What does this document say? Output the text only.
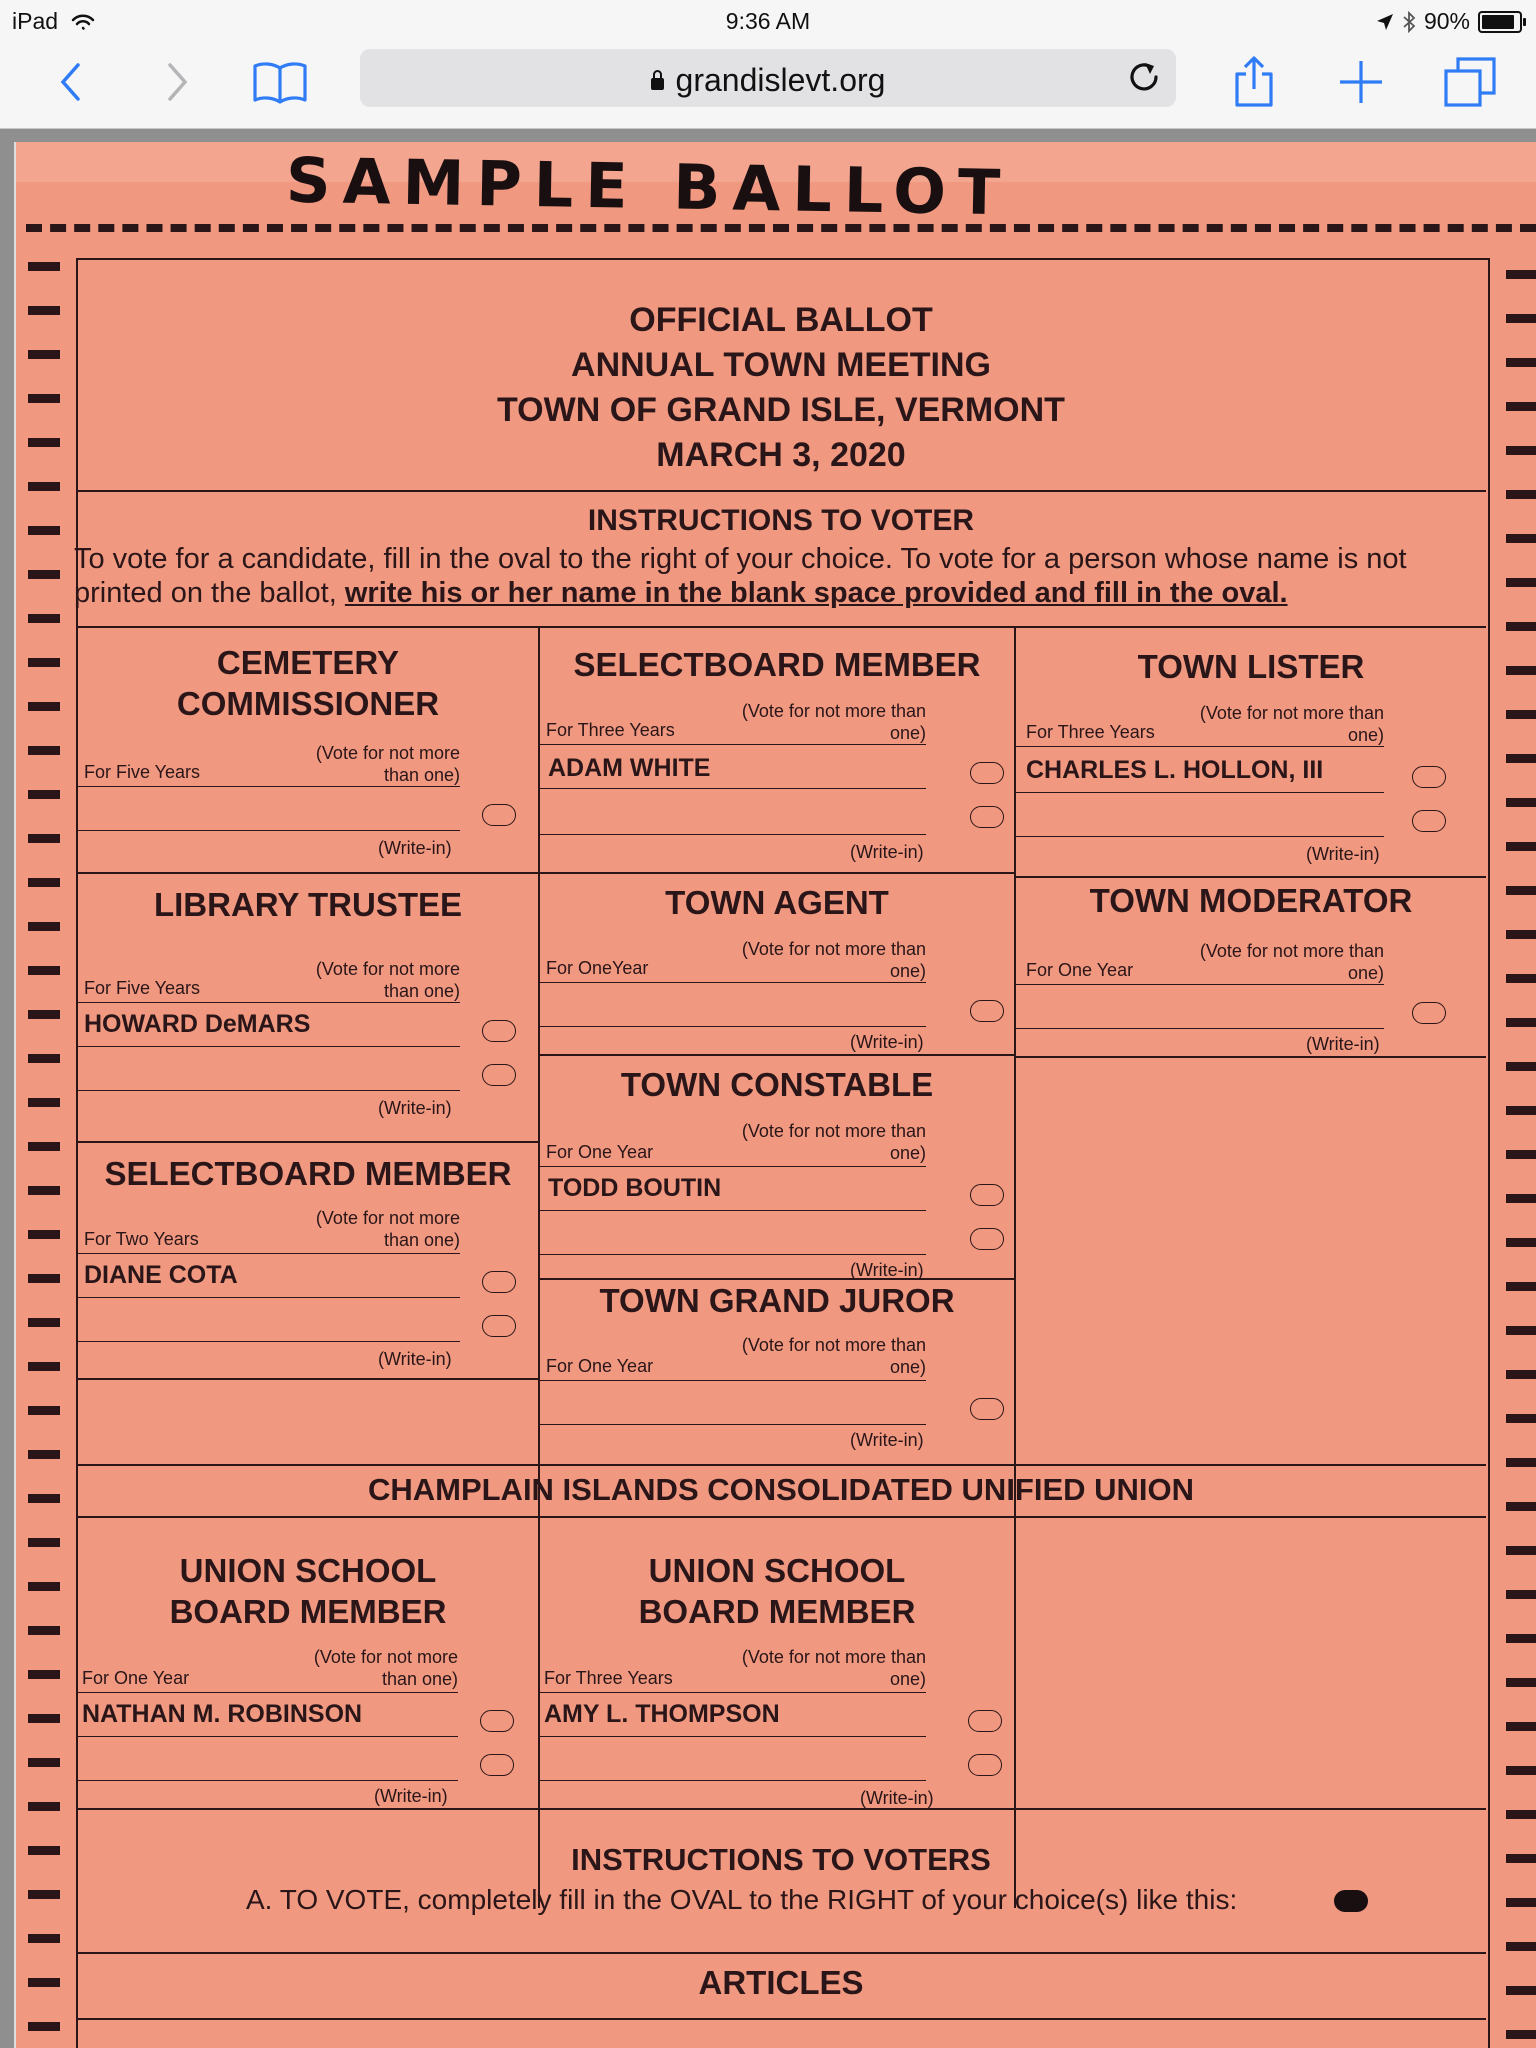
iPad	9:36 AM	90%
grandislevt.org
SAMPLE BALLOT
OFFICIAL BALLOT
ANNUAL TOWN MEETING
TOWN OF GRAND ISLE, VERMONT
MARCH 3, 2020
INSTRUCTIONS TO VOTER
To vote for a candidate, fill in the oval to the right of your choice. To vote for a person whose name is not printed on the ballot, write his or her name in the blank space provided and fill in the oval.
CEMETERY COMMISSIONER
For Five Years
(Vote for not more than one)
(Write-in)
SELECTBOARD MEMBER
For Three Years
(Vote for not more than one)
ADAM WHITE
(Write-in)
TOWN LISTER
For Three Years
(Vote for not more than one)
CHARLES L. HOLLON, III
(Write-in)
LIBRARY TRUSTEE
For Five Years
(Vote for not more than one)
HOWARD DeMARS
(Write-in)
TOWN AGENT
For OneYear
(Vote for not more than one)
(Write-in)
TOWN MODERATOR
For One Year
(Vote for not more than one)
(Write-in)
TOWN CONSTABLE
For One Year
(Vote for not more than one)
TODD BOUTIN
(Write-in)
SELECTBOARD MEMBER
For Two Years
(Vote for not more than one)
DIANE COTA
(Write-in)
TOWN GRAND JUROR
For One Year
(Vote for not more than one)
(Write-in)
CHAMPLAIN ISLANDS CONSOLIDATED UNIFIED UNION
UNION SCHOOL BOARD MEMBER
For One Year
(Vote for not more than one)
NATHAN M. ROBINSON
(Write-in)
UNION SCHOOL BOARD MEMBER
For Three Years
(Vote for not more than one)
AMY L. THOMPSON
(Write-in)
INSTRUCTIONS TO VOTERS
A. TO VOTE, completely fill in the OVAL to the RIGHT of your choice(s) like this:
ARTICLES
